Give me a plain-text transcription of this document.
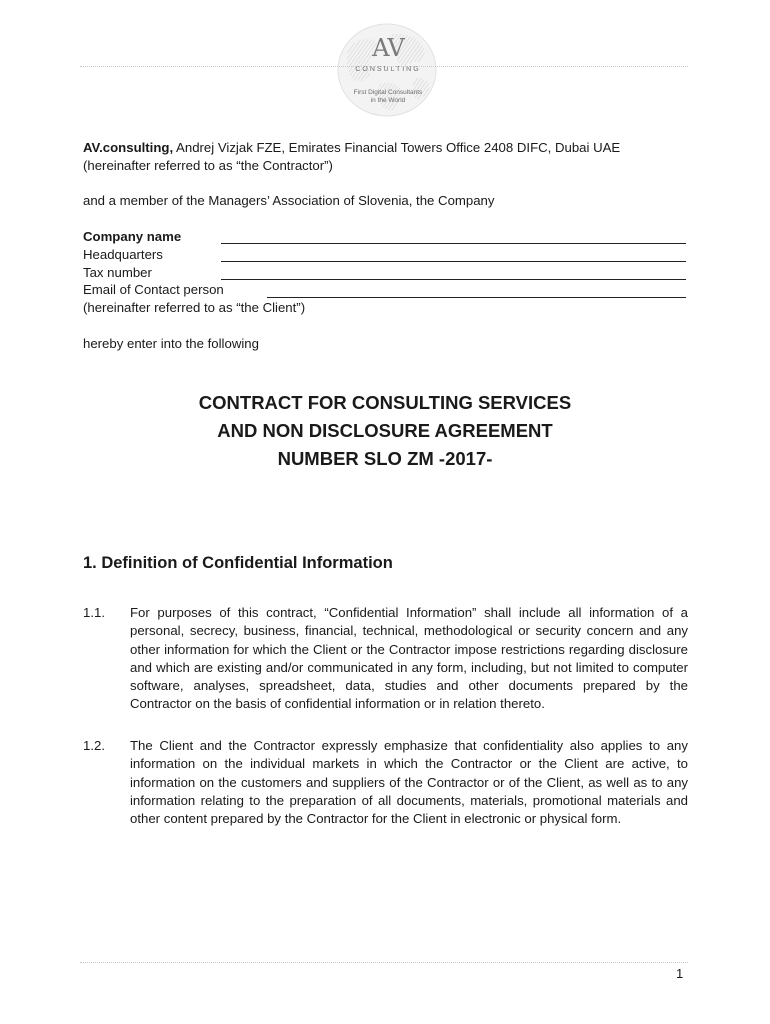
AV
CONSULTING
First Digital Consultants
in the World
AV.consulting, Andrej Vizjak FZE, Emirates Financial Towers Office 2408 DIFC, Dubai UAE
(hereinafter referred to as “the Contractor”)
and a member of the Managers’ Association of Slovenia, the Company
Company name
Headquarters
Tax number
Email of Contact person
(hereinafter referred to as “the Client”)
hereby enter into the following
CONTRACT FOR CONSULTING SERVICES
AND NON DISCLOSURE AGREEMENT
NUMBER SLO ZM -2017-
1. Definition of Confidential Information
1.1. For purposes of this contract, “Confidential Information” shall include all information of a personal, secrecy, business, financial, technical, methodological or security concern and any other information for which the Client or the Contractor impose restrictions regarding disclosure and which are existing and/or communicated in any form, including, but not limited to computer software, analyses, spreadsheet, data, studies and other documents prepared by the Contractor on the basis of confidential information or in relation thereto.
1.2. The Client and the Contractor expressly emphasize that confidentiality also applies to any information on the individual markets in which the Contractor or the Client are active, to information on the customers and suppliers of the Contractor or of the Client, as well as to any information relating to the preparation of all documents, materials, promotional materials and other content prepared by the Contractor for the Client in electronic or physical form.
1
